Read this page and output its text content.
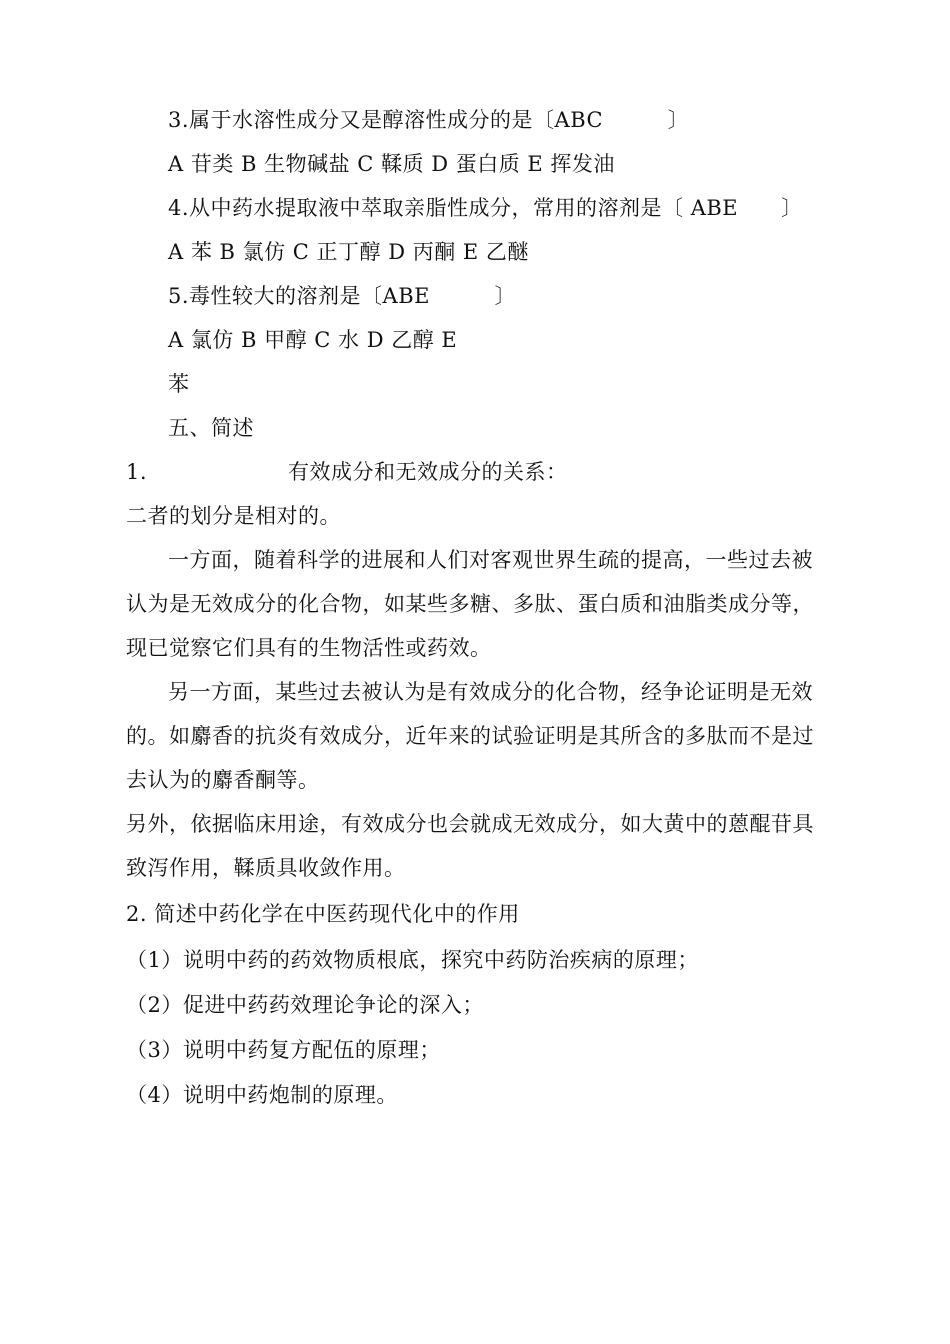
3.属于水溶性成分又是醇溶性成分的是〔ABC　　　〕
A 苷类 B 生物碱盐 C 鞣质 D 蛋白质 E 挥发油
4.从中药水提取液中萃取亲脂性成分，常用的溶剂是〔 ABE　　〕
A 苯 B 氯仿 C 正丁醇 D 丙酮 E 乙醚
5.毒性较大的溶剂是〔ABE　　　〕
A 氯仿 B 甲醇 C 水 D 乙醇 E
苯
五、简述
1.	有效成分和无效成分的关系：
二者的划分是相对的。
一方面，随着科学的进展和人们对客观世界生疏的提高，一些过去被
认为是无效成分的化合物，如某些多糖、多肽、蛋白质和油脂类成分等，
现已觉察它们具有的生物活性或药效。
另一方面，某些过去被认为是有效成分的化合物，经争论证明是无效
的。如麝香的抗炎有效成分，近年来的试验证明是其所含的多肽而不是过
去认为的麝香酮等。
另外，依据临床用途，有效成分也会就成无效成分，如大黄中的蒽醌苷具
致泻作用，鞣质具收敛作用。
2. 简述中药化学在中医药现代化中的作用
（1）说明中药的药效物质根底，探究中药防治疾病的原理；
（2）促进中药药效理论争论的深入；
（3）说明中药复方配伍的原理；
（4）说明中药炮制的原理。
